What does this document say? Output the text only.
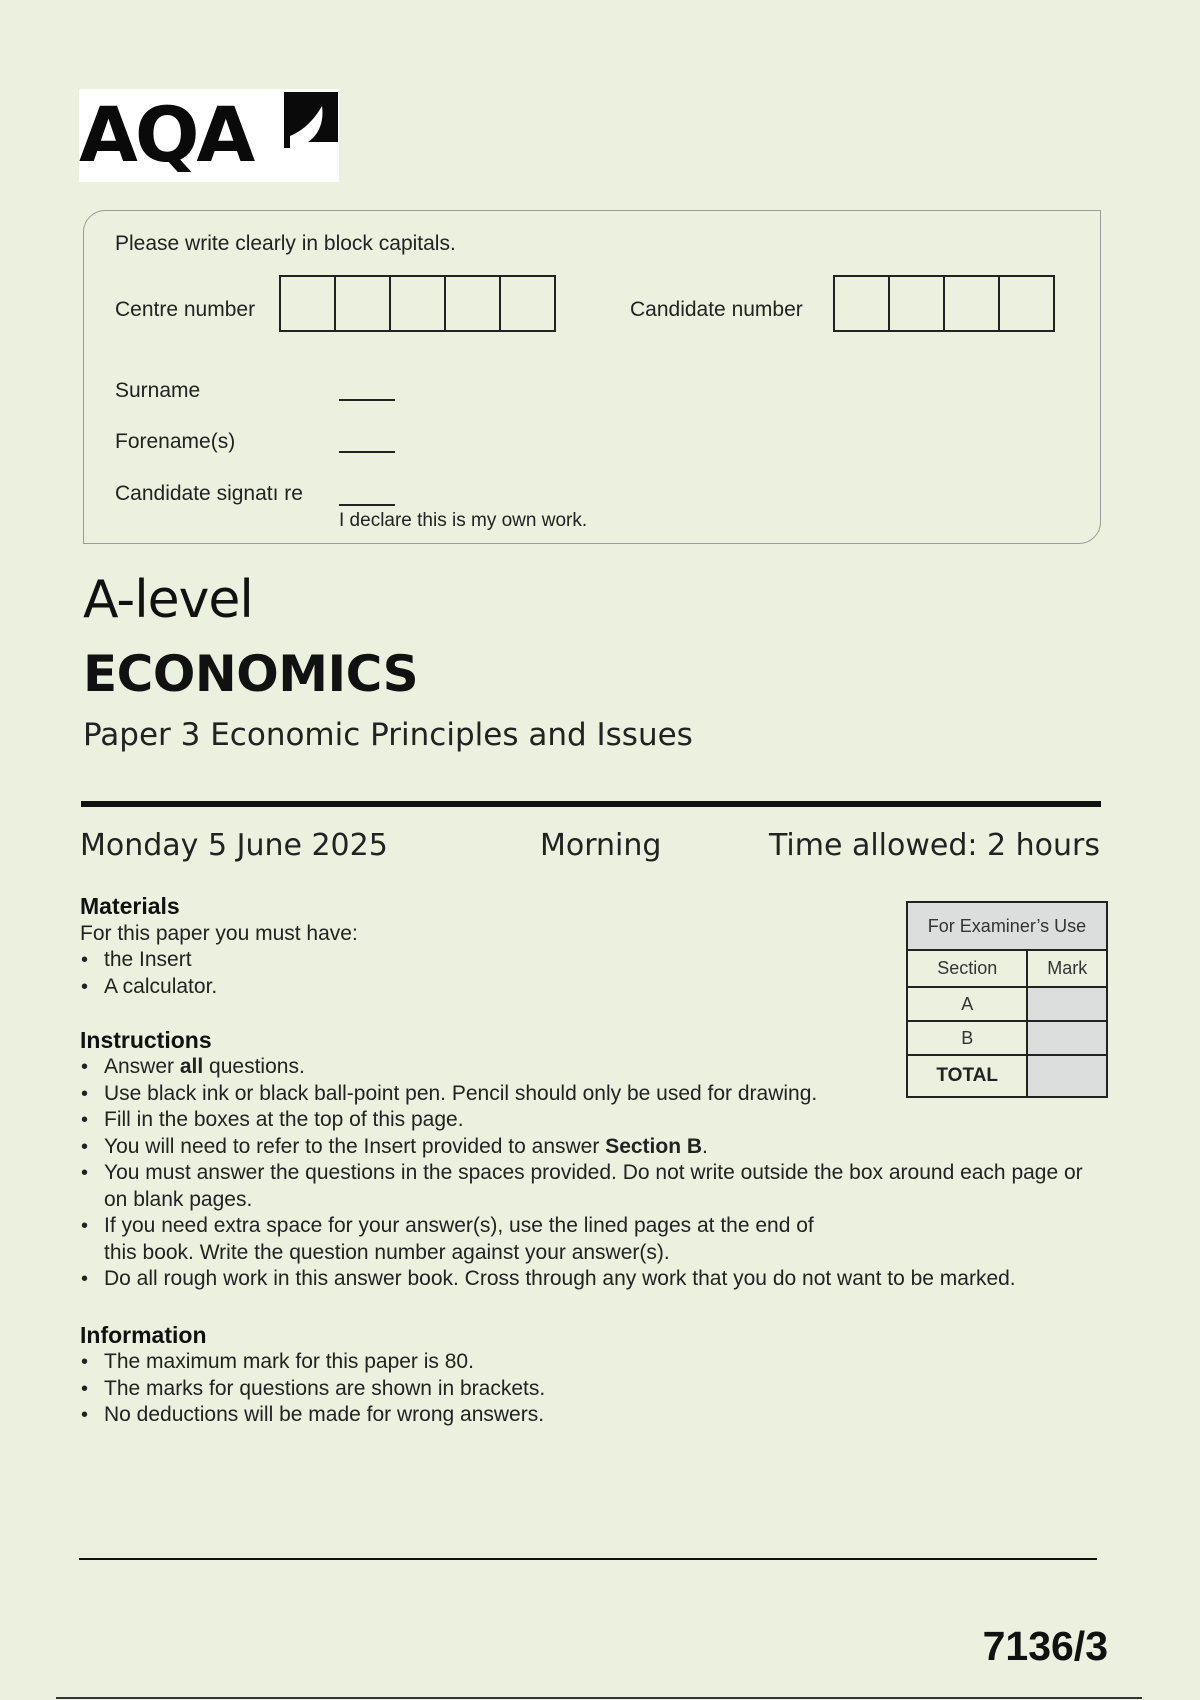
AQA
Please write clearly in block capitals.
Centre number	Candidate number
Surname
Forename(s)
Candidate signatı re
I declare this is my own work.
A-level
ECONOMICS
Paper 3 Economic Principles and Issues
Monday 5 June 2025	Morning	Time allowed: 2 hours
Materials
For this paper you must have:
• the Insert
• A calculator.
Instructions
• Answer all questions.
• Use black ink or black ball-point pen. Pencil should only be used for drawing.
• Fill in the boxes at the top of this page.
• You will need to refer to the Insert provided to answer Section B.
• You must answer the questions in the spaces provided. Do not write outside the box around each page or on blank pages.
• If you need extra space for your answer(s), use the lined pages at the end of
this book. Write the question number against your answer(s).
• Do all rough work in this answer book. Cross through any work that you do not want to be marked.
Information
• The maximum mark for this paper is 80.
• The marks for questions are shown in brackets.
• No deductions will be made for wrong answers.
For Examiner’s Use	
Section	Mark
A	
B	
TOTAL	
7136/3
